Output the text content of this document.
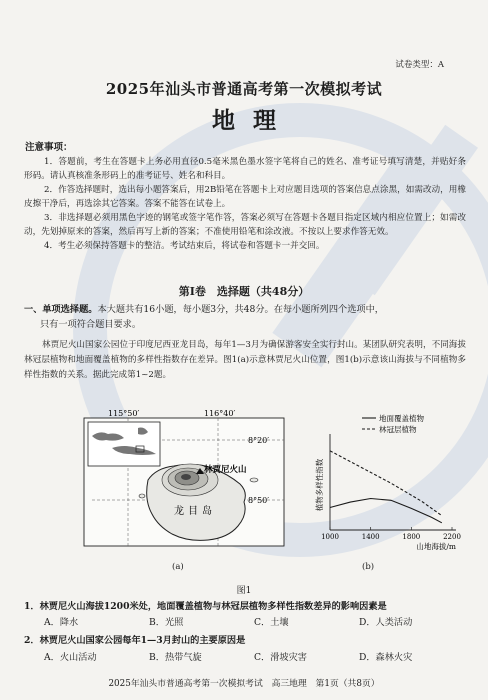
试卷类型：A
2025年汕头市普通高考第一次模拟考试
地理
注意事项：

1．答题前，考生在答题卡上务必用直径0.5毫米黑色墨水签字笔将自己的姓名、准考证号填写清楚，并贴好条形码。请认真核准条形码上的准考证号、姓名和科目。

2．作答选择题时，选出每小题答案后，用2B铅笔在答题卡上对应题目选项的答案信息点涂黑，如需改动，用橡皮擦干净后，再选涂其它答案。答案不能答在试卷上。

3．非选择题必须用黑色字迹的钢笔或签字笔作答，答案必须写在答题卡各题目指定区域内相应位置上；如需改动，先划掉原来的答案，然后再写上新的答案；不准使用铅笔和涂改液。不按以上要求作答无效。

4．考生必须保持答题卡的整洁。考试结束后，将试卷和答题卡一并交回。

第Ⅰ卷　选择题（共48分）
一、单项选择题。本大题共有16小题，每小题3分，共48分。在每小题所列四个选项中，
只有一项符合题目要求。
林贾尼火山国家公园位于印度尼西亚龙目岛，每年1—3月为确保游客安全实行封山。某团队研究表明，不同海拔林冠层植物和地面覆盖植物的多样性指数存在差异。图1(a)示意林贾尼火山位置，图1(b)示意该山海拔与不同植物多样性指数的关系。据此完成第1~2题。
115°50′	116°40′
8°20′
8°50′
林贾尼火山
龙目岛
1000	1400	1800	2200
山地海拔/m
植物多样性指数
地面覆盖植物
林冠层植物
(a)	(b)
图1
1．林贾尼火山海拔1200米处，地面覆盖植物与林冠层植物多样性指数差异的影响因素是
A．降水	B．光照	C．土壤	D．人类活动
2．林贾尼火山国家公园每年1—3月封山的主要原因是
A．火山活动	B．热带气旋	C．滑坡灾害	D．森林火灾
2025年汕头市普通高考第一次模拟考试　高三地理　第1页（共8页）
